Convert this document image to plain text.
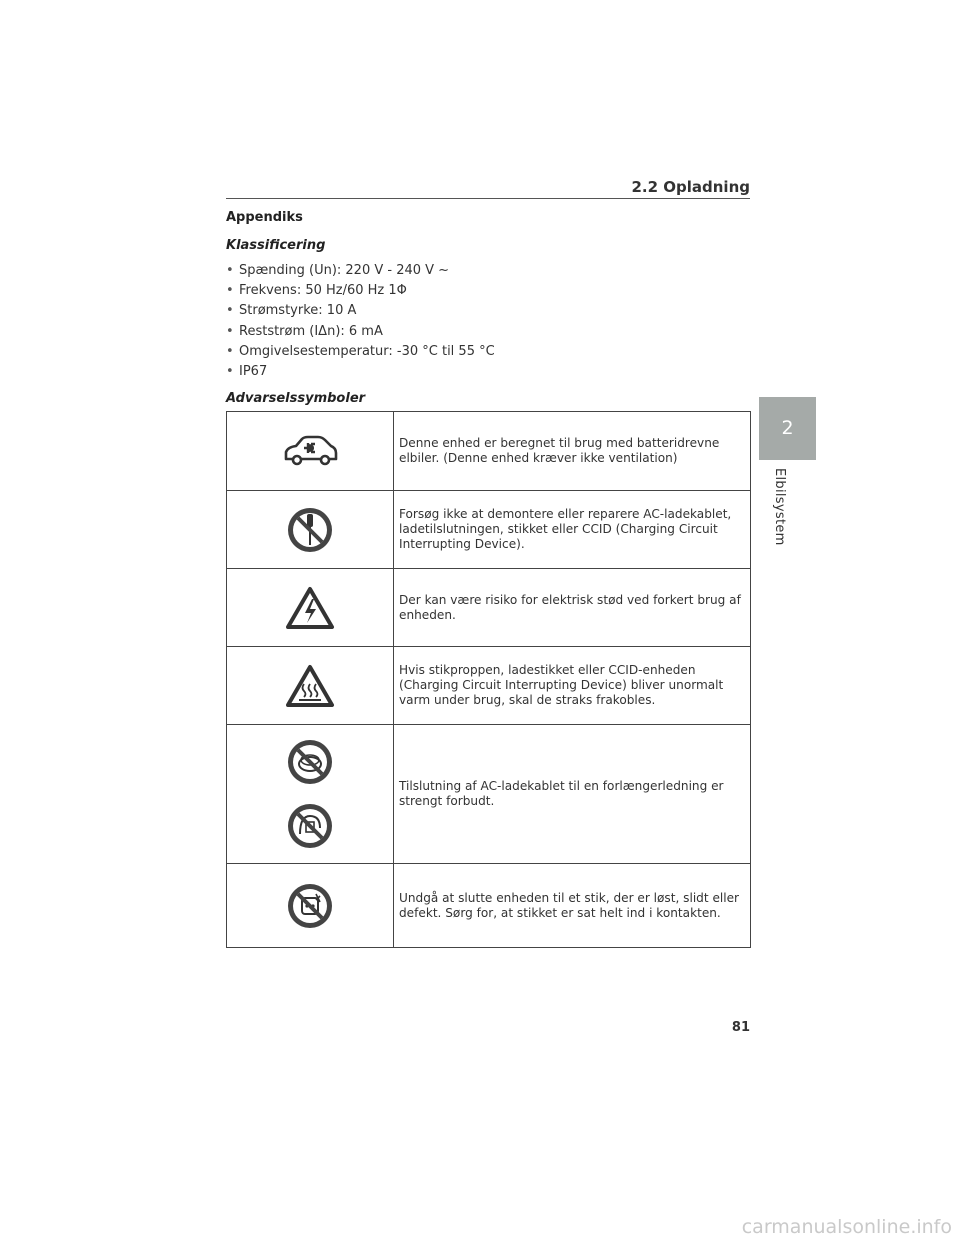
2.2 Opladning
Appendiks
Klassificering
• Spænding (Un): 220 V - 240 V ~
• Frekvens: 50 Hz/60 Hz 1Φ
• Strømstyrke: 10 A
• Reststrøm (IΔn): 6 mA
• Omgivelsestemperatur: -30 °C til 55 °C
• IP67
Advarselssymboler
	Denne enhed er beregnet til brug med batteridrevne elbiler. (Denne enhed kræver ikke ventilation)

	Forsøg ikke at demontere eller reparere AC-ladekablet, ladetilslutningen, stikket eller CCID (Charging Circuit Interrupting Device).

	Der kan være risiko for elektrisk stød ved forkert brug af enheden.

	Hvis stikproppen, ladestikket eller CCID-enheden (Charging Circuit Interrupting Device) bliver unormalt varm under brug, skal de straks frakobles.

	Tilslutning af AC-ladekablet til en forlængerledning er strengt forbudt.

	Undgå at slutte enheden til et stik, der er løst, slidt eller defekt. Sørg for, at stikket er sat helt ind i kontakten.
2
Elbilsystem
81
carmanualsonline.info
